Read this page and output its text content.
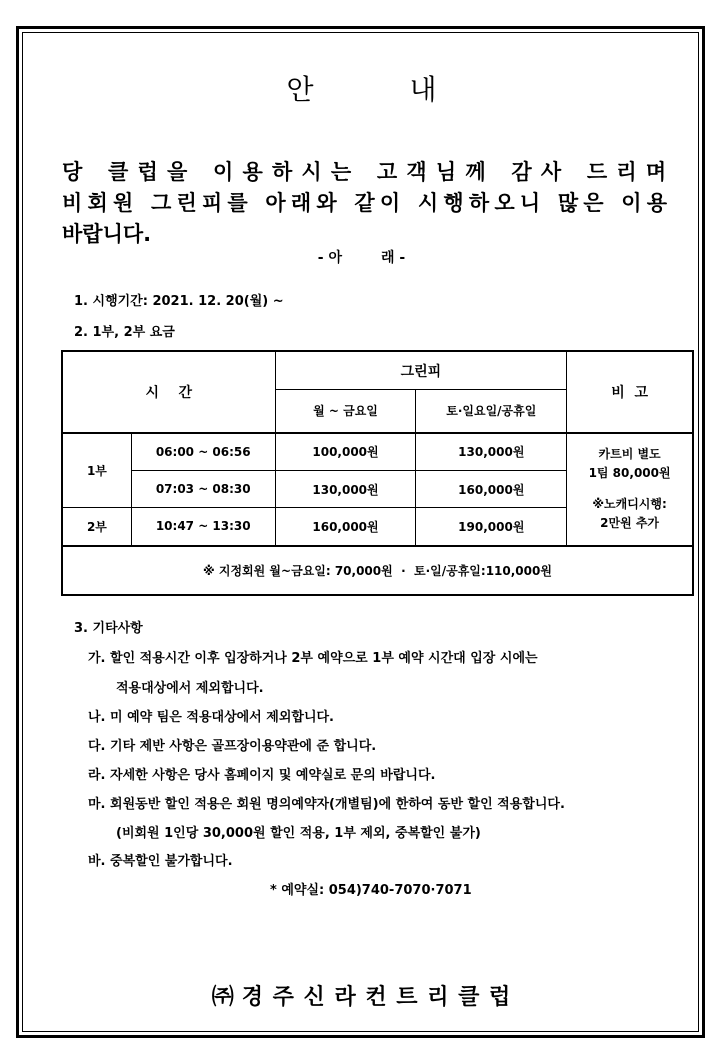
안	내
당 클럽을 이용하시는 고객님께 감사 드리며
비회원 그린피를 아래와 같이 시행하오니 많은 이용
바랍니다.
- 아        래 -
1. 시행기간: 2021. 12. 20(월) ~
2. 1부, 2부 요금
시    간		그린피		비  고
		월 ~ 금요일	토·일요일/공휴일	
1부	06:00 ~ 06:56	100,000원	130,000원	카트비 별도
1팀 80,000원
※노캐디시행:
2만원 추가

	07:03 ~ 08:30	130,000원	160,000원	
2부	10:47 ~ 13:30	160,000원	190,000원	
※ 지정회원 월~금요일: 70,000원  ·  토·일/공휴일:110,000원				
3. 기타사항
가. 할인 적용시간 이후 입장하거나 2부 예약으로 1부 예약 시간대 입장 시에는
적용대상에서 제외합니다.
나. 미 예약 팀은 적용대상에서 제외합니다.
다. 기타 제반 사항은 골프장이용약관에 준 합니다.
라. 자세한 사항은 당사 홈페이지 및 예약실로 문의 바랍니다.
마. 회원동반 할인 적용은 회원 명의예약자(개별팀)에 한하여 동반 할인 적용합니다.
(비회원 1인당 30,000원 할인 적용, 1부 제외, 중복할인 불가)
바. 중복할인 불가합니다.
* 예약실: 054)740-7070·7071
㈜ 경 주 신 라 컨 트 리 클 럽
